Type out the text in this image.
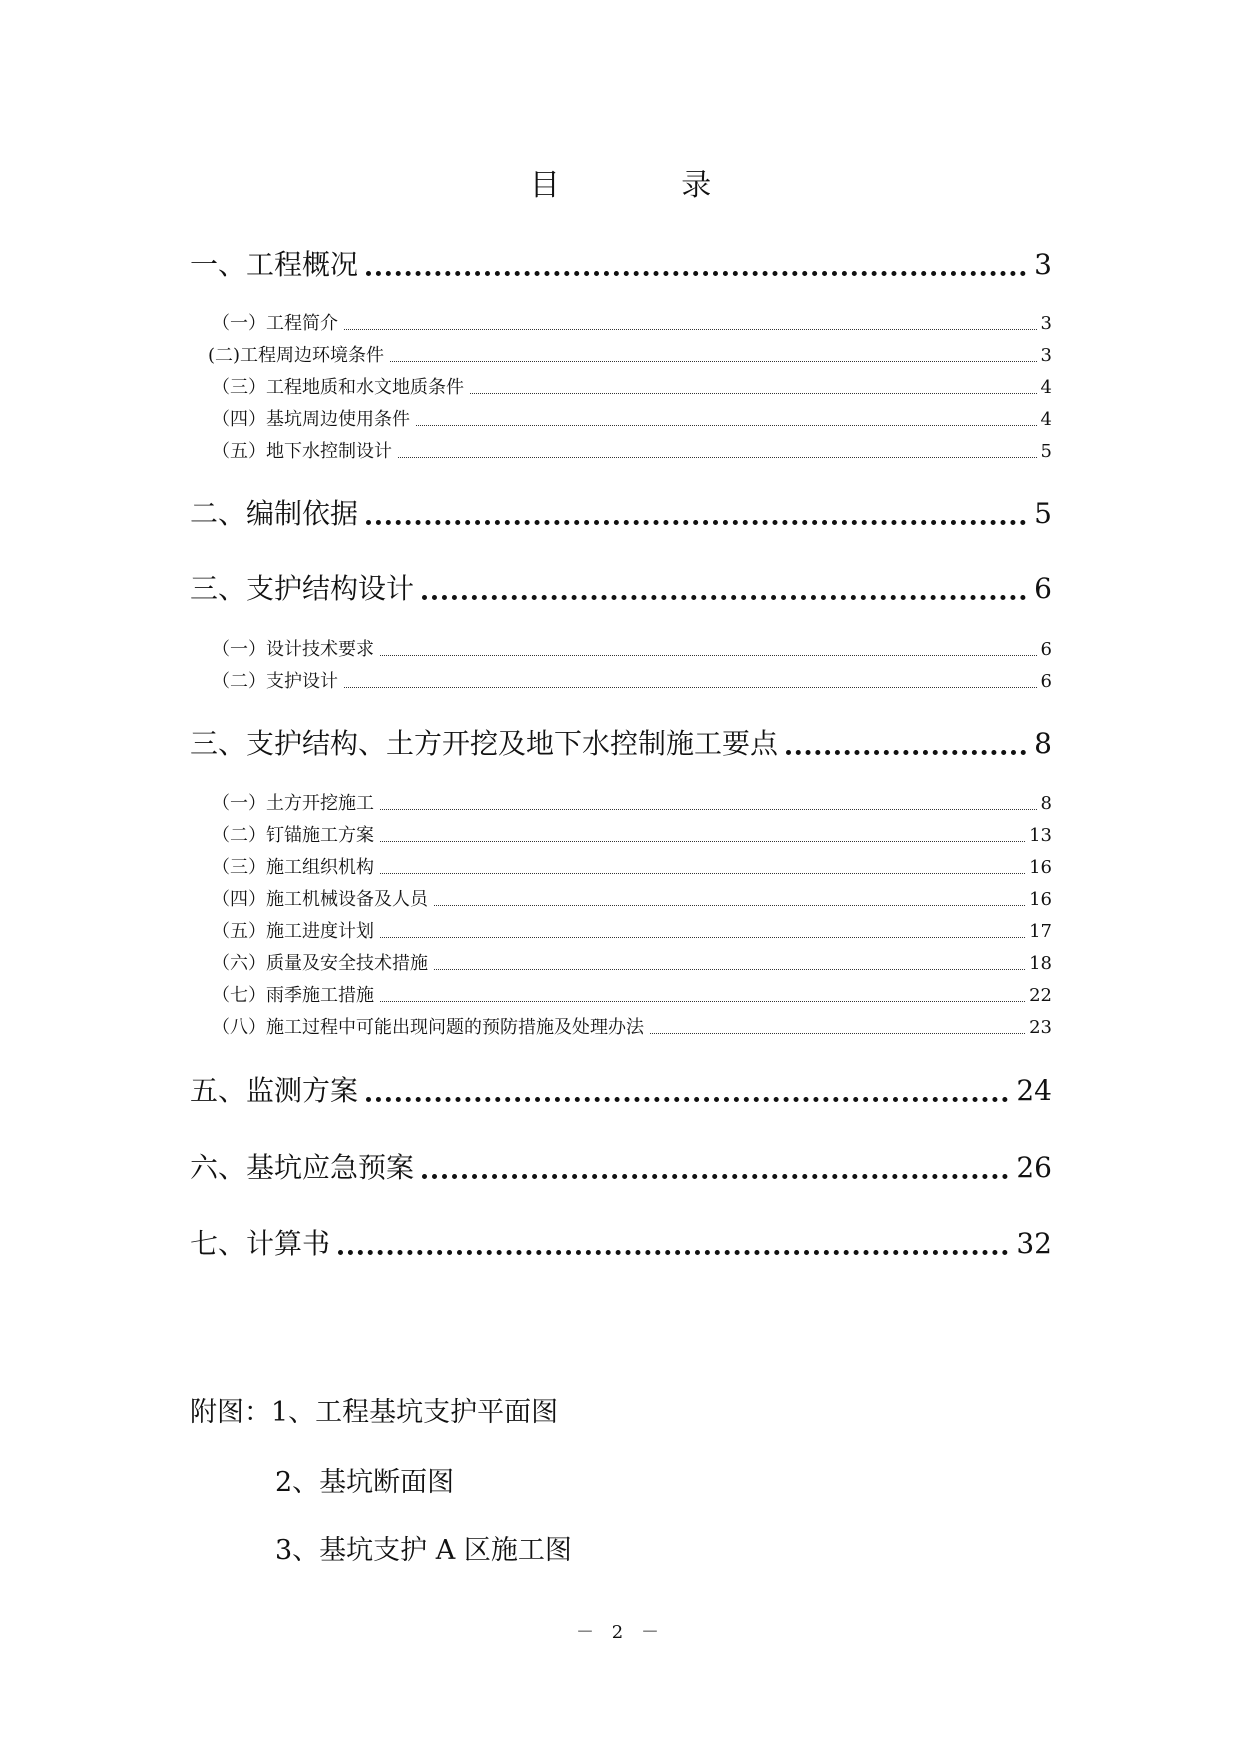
目 录
一、工程概况	3
（一）工程简介	3
(二)工程周边环境条件	3
（三）工程地质和水文地质条件	4
（四）基坑周边使用条件	4
（五）地下水控制设计	5
二、编制依据	5
三、支护结构设计	6
（一）设计技术要求	6
（二）支护设计	6
三、支护结构、土方开挖及地下水控制施工要点	8
（一）土方开挖施工	8
（二）钉锚施工方案	13
（三）施工组织机构	16
（四）施工机械设备及人员	16
（五）施工进度计划	17
（六）质量及安全技术措施	18
（七）雨季施工措施	22
（八）施工过程中可能出现问题的预防措施及处理办法	23
五、监测方案	24
六、基坑应急预案	26
七、计算书	32
附图：1、工程基坑支护平面图
2、基坑断面图
3、基坑支护 A 区施工图
－ 2 －
